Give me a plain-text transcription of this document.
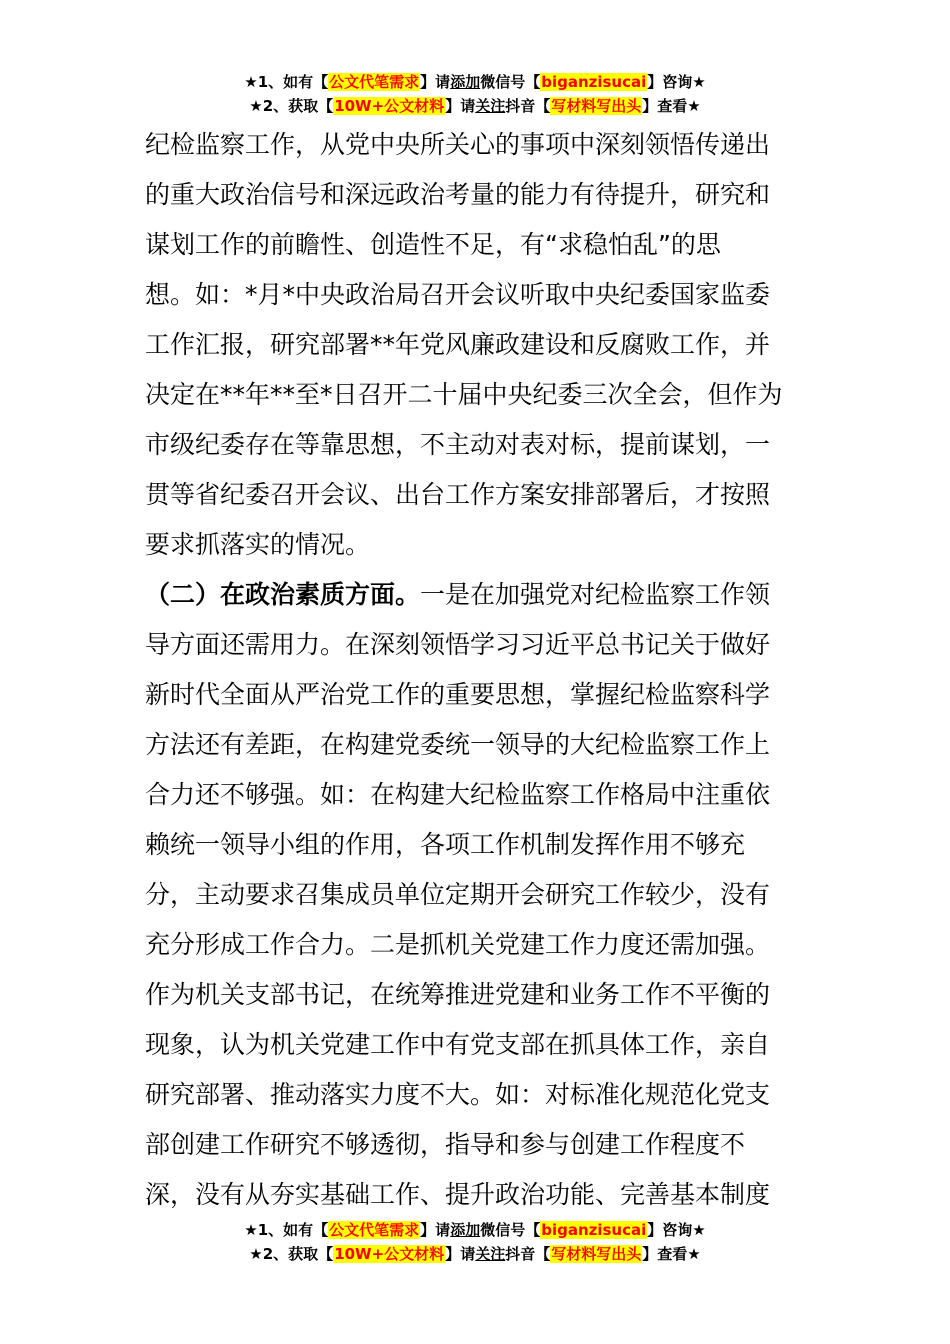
★1、如有【公文代笔需求】请添加微信号【biganzisucai】咨询★
★2、获取【10W+公文材料】请关注抖音【写材料写出头】查看★
纪检监察工作，从党中央所关心的事项中深刻领悟传递出
的重大政治信号和深远政治考量的能力有待提升，研究和
谋划工作的前瞻性、创造性不足，有“求稳怕乱”的思
想。如：*月*中央政治局召开会议听取中央纪委国家监委
工作汇报，研究部署**年党风廉政建设和反腐败工作，并
决定在**年**至*日召开二十届中央纪委三次全会，但作为
市级纪委存在等靠思想，不主动对表对标，提前谋划，一
贯等省纪委召开会议、出台工作方案安排部署后，才按照
要求抓落实的情况。
（二）在政治素质方面。一是在加强党对纪检监察工作领
导方面还需用力。在深刻领悟学习习近平总书记关于做好
新时代全面从严治党工作的重要思想，掌握纪检监察科学
方法还有差距，在构建党委统一领导的大纪检监察工作上
合力还不够强。如：在构建大纪检监察工作格局中注重依
赖统一领导小组的作用，各项工作机制发挥作用不够充
分，主动要求召集成员单位定期开会研究工作较少，没有
充分形成工作合力。二是抓机关党建工作力度还需加强。
作为机关支部书记，在统筹推进党建和业务工作不平衡的
现象，认为机关党建工作中有党支部在抓具体工作，亲自
研究部署、推动落实力度不大。如：对标准化规范化党支
部创建工作研究不够透彻，指导和参与创建工作程度不
深，没有从夯实基础工作、提升政治功能、完善基本制度
★1、如有【公文代笔需求】请添加微信号【biganzisucai】咨询★
★2、获取【10W+公文材料】请关注抖音【写材料写出头】查看★
